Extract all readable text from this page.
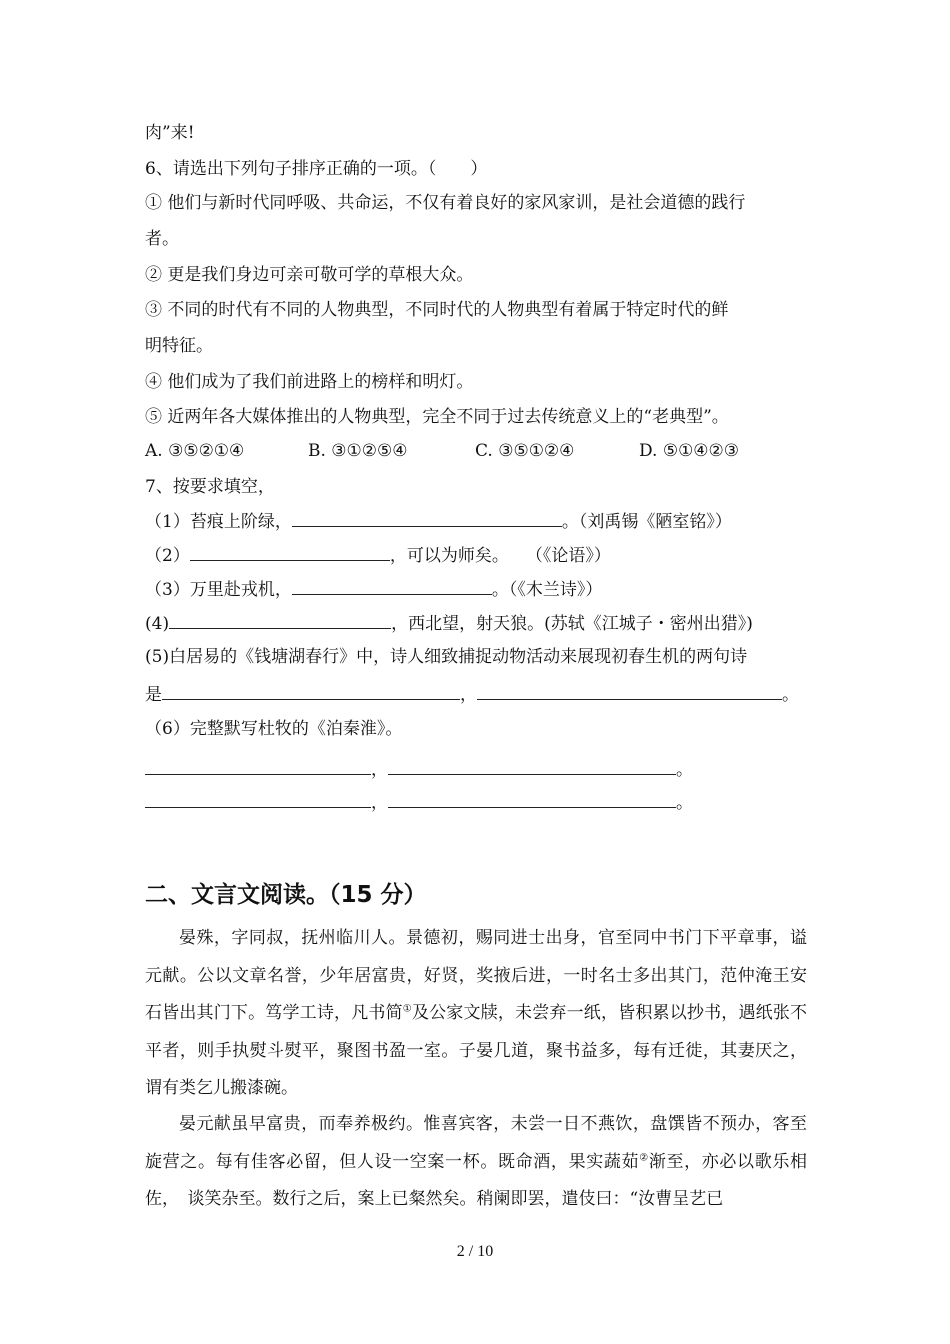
肉”来!
6、请选出下列句子排序正确的一项。（　　）
① 他们与新时代同呼吸、共命运，不仅有着良好的家风家训，是社会道德的践行
者。
② 更是我们身边可亲可敬可学的草根大众。
③ 不同的时代有不同的人物典型，不同时代的人物典型有着属于特定时代的鲜
明特征。
④ 他们成为了我们前进路上的榜样和明灯。
⑤ 近两年各大媒体推出的人物典型，完全不同于过去传统意义上的“老典型”。
A. ③⑤②①④	B. ③①②⑤④	C. ③⑤①②④	D. ⑤①④②③
7、按要求填空，
（1）苔痕上阶绿，	。（刘禹锡《陋室铭》）
（2）	，可以为师矣。　　（《论语》）
（3）万里赴戎机，	。（《木兰诗》）
(4)	，西北望，射天狼。(苏轼《江城子・密州出猎》)
(5)白居易的《钱塘湖春行》中，诗人细致捕捉动物活动来展现初春生机的两句诗
是	，	。
（6）完整默写杜牧的《泊秦淮》。
，	。
，	。
二、文言文阅读。（15 分）
晏殊，字同叔，抚州临川人。景德初，赐同进士出身，官至同中书门下平章事，谥元献。公以文章名誉，少年居富贵，好贤，奖掖后进，一时名士多出其门，范仲淹王安石皆出其门下。笃学工诗，凡书简①及公家文牍，未尝弃一纸，皆积累以抄书，遇纸张不平者，则手执熨斗熨平，聚图书盈一室。子晏几道，聚书益多，每有迁徙，其妻厌之，谓有类乞儿搬漆碗。
晏元献虽早富贵，而奉养极约。惟喜宾客，未尝一日不燕饮，盘馔皆不预办，客至旋营之。每有佳客必留，但人设一空案一杯。既命酒，果实蔬茹②渐至，亦必以歌乐相佐，　谈笑杂至。数行之后，案上已粲然矣。稍阑即罢，遣伎曰：“汝曹呈艺已
2 / 10
